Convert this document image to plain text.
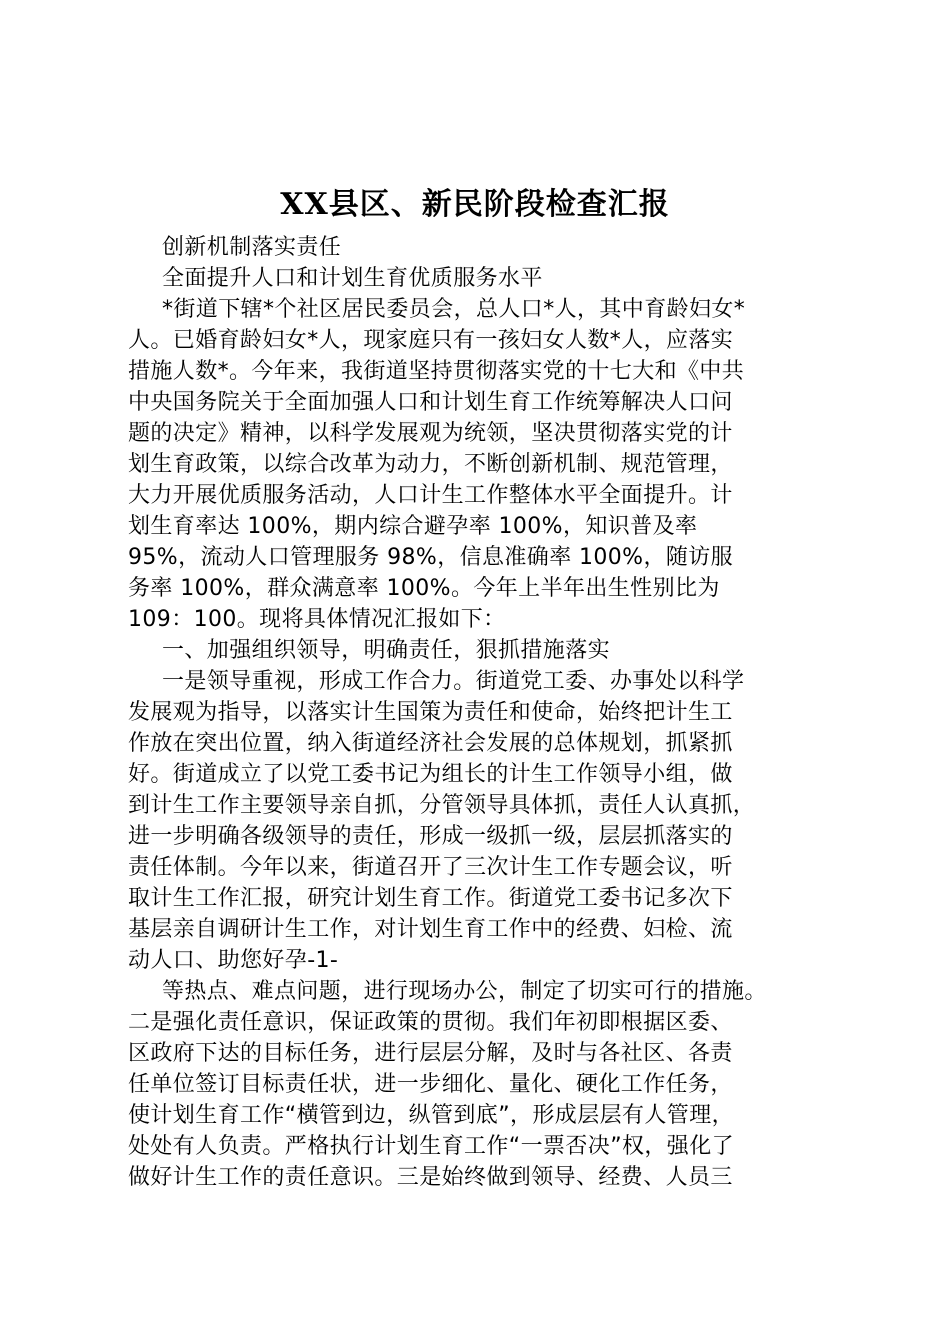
XX县区、新民阶段检查汇报
创新机制落实责任
全面提升人口和计划生育优质服务水平
*街道下辖*个社区居民委员会，总人口*人，其中育龄妇女*
人。已婚育龄妇女*人，现家庭只有一孩妇女人数*人，应落实
措施人数*。今年来，我街道坚持贯彻落实党的十七大和《中共
中央国务院关于全面加强人口和计划生育工作统筹解决人口问
题的决定》精神，以科学发展观为统领，坚决贯彻落实党的计
划生育政策，以综合改革为动力，不断创新机制、规范管理，
大力开展优质服务活动，人口计生工作整体水平全面提升。计
划生育率达 100%，期内综合避孕率 100%，知识普及率
95%，流动人口管理服务 98%，信息准确率 100%，随访服
务率 100%，群众满意率 100%。今年上半年出生性别比为
109：100。现将具体情况汇报如下：
一、加强组织领导，明确责任，狠抓措施落实
一是领导重视，形成工作合力。街道党工委、办事处以科学
发展观为指导，以落实计生国策为责任和使命，始终把计生工
作放在突出位置，纳入街道经济社会发展的总体规划，抓紧抓
好。街道成立了以党工委书记为组长的计生工作领导小组，做
到计生工作主要领导亲自抓，分管领导具体抓，责任人认真抓，
进一步明确各级领导的责任，形成一级抓一级，层层抓落实的
责任体制。今年以来，街道召开了三次计生工作专题会议，听
取计生工作汇报，研究计划生育工作。街道党工委书记多次下
基层亲自调研计生工作，对计划生育工作中的经费、妇检、流
动人口、助您好孕-1-
等热点、难点问题，进行现场办公，制定了切实可行的措施。
二是强化责任意识，保证政策的贯彻。我们年初即根据区委、
区政府下达的目标任务，进行层层分解，及时与各社区、各责
任单位签订目标责任状，进一步细化、量化、硬化工作任务，
使计划生育工作“横管到边，纵管到底”，形成层层有人管理，
处处有人负责。严格执行计划生育工作“一票否决”权，强化了
做好计生工作的责任意识。三是始终做到领导、经费、人员三
